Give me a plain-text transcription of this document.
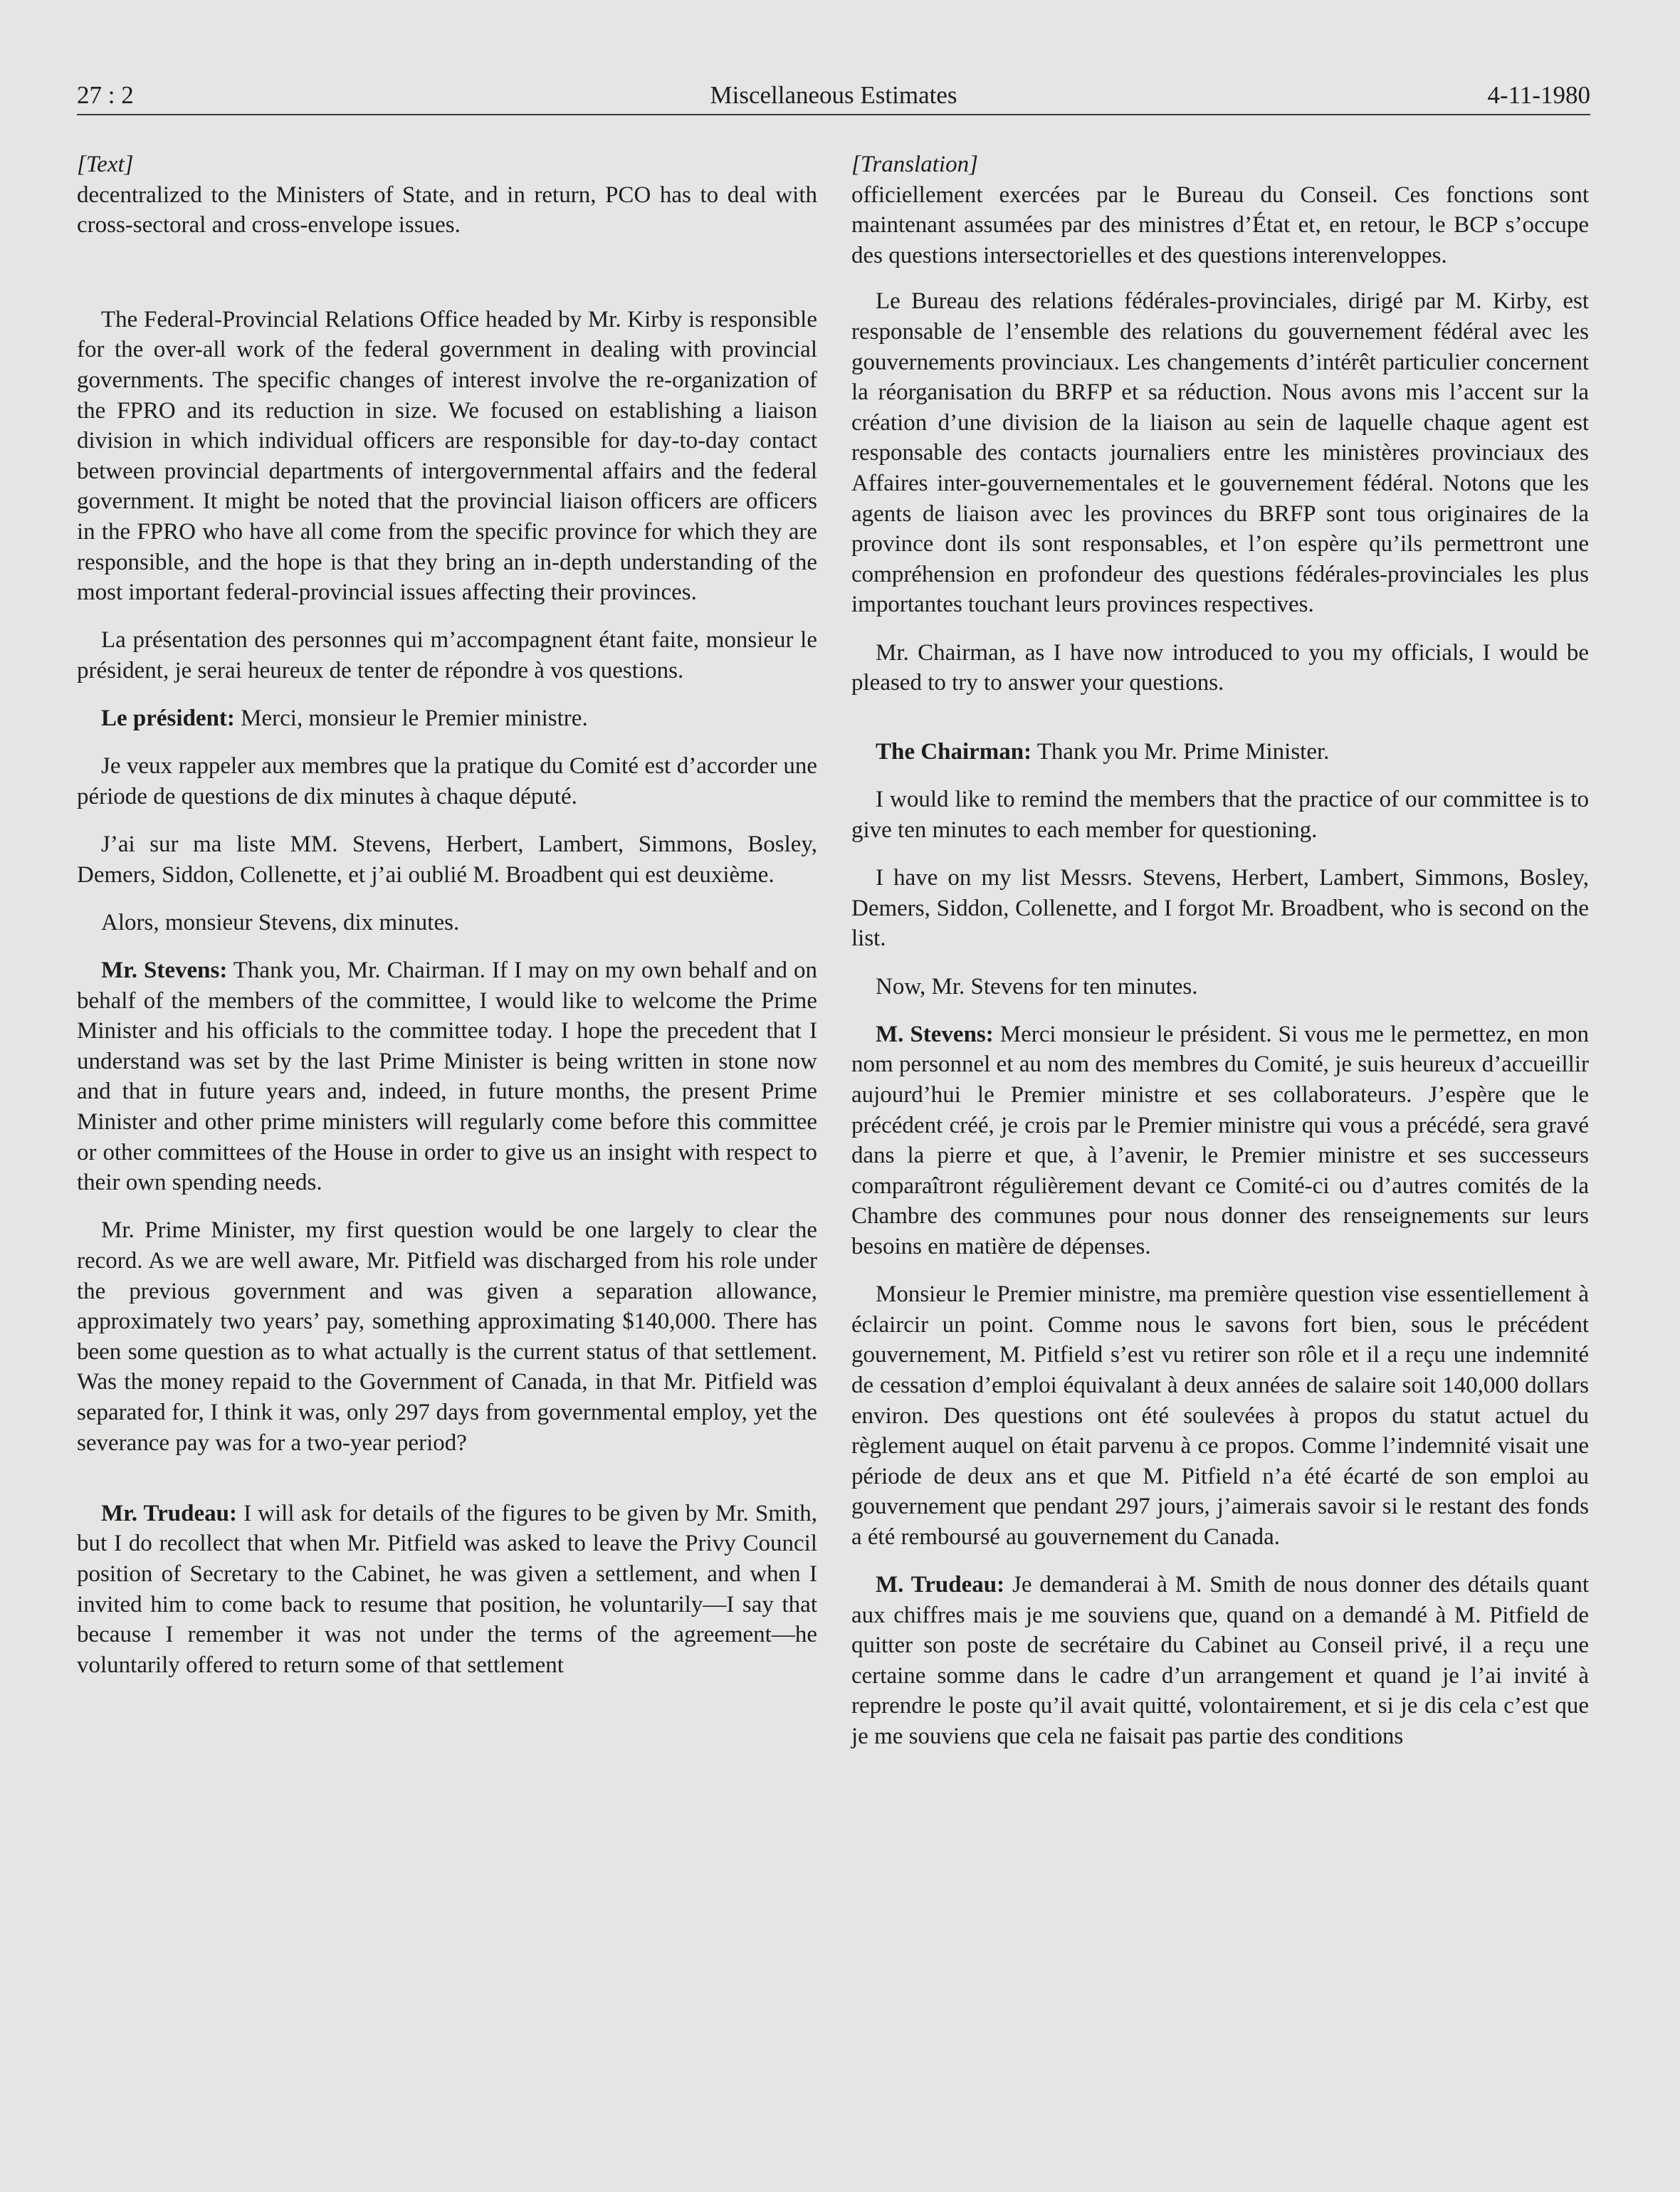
27 : 2	Miscellaneous Estimates	4-11-1980

[Text]

decentralized to the Ministers of State, and in return, PCO has to deal with cross-sectoral and cross-envelope issues.

The Federal-Provincial Relations Office headed by Mr. Kirby is responsible for the over-all work of the federal government in dealing with provincial governments. The specific changes of interest involve the re-organization of the FPRO and its reduction in size. We focused on establishing a liaison division in which individual officers are responsible for day-to-day contact between provincial departments of intergovernmental affairs and the federal government. It might be noted that the provincial liaison officers are officers in the FPRO who have all come from the specific province for which they are responsible, and the hope is that they bring an in-depth understanding of the most important federal-provincial issues affecting their provinces.

La présentation des personnes qui m’accompagnent étant faite, monsieur le président, je serai heureux de tenter de répondre à vos questions.

Le président: Merci, monsieur le Premier ministre.

Je veux rappeler aux membres que la pratique du Comité est d’accorder une période de questions de dix minutes à chaque député.

J’ai sur ma liste MM. Stevens, Herbert, Lambert, Simmons, Bosley, Demers, Siddon, Collenette, et j’ai oublié M. Broadbent qui est deuxième.

Alors, monsieur Stevens, dix minutes.

Mr. Stevens: Thank you, Mr. Chairman. If I may on my own behalf and on behalf of the members of the committee, I would like to welcome the Prime Minister and his officials to the committee today. I hope the precedent that I understand was set by the last Prime Minister is being written in stone now and that in future years and, indeed, in future months, the present Prime Minister and other prime ministers will regularly come before this committee or other committees of the House in order to give us an insight with respect to their own spending needs.

Mr. Prime Minister, my first question would be one largely to clear the record. As we are well aware, Mr. Pitfield was discharged from his role under the previous government and was given a separation allowance, approximately two years’ pay, something approximating $140,000. There has been some question as to what actually is the current status of that settlement. Was the money repaid to the Government of Canada, in that Mr. Pitfield was separated for, I think it was, only 297 days from governmental employ, yet the severance pay was for a two-year period?

Mr. Trudeau: I will ask for details of the figures to be given by Mr. Smith, but I do recollect that when Mr. Pitfield was asked to leave the Privy Council position of Secretary to the Cabinet, he was given a settlement, and when I invited him to come back to resume that position, he voluntarily—I say that because I remember it was not under the terms of the agreement—he voluntarily offered to return some of that settlement

[Translation]

officiellement exercées par le Bureau du Conseil. Ces fonctions sont maintenant assumées par des ministres d’État et, en retour, le BCP s’occupe des questions intersectorielles et des questions interenveloppes.

Le Bureau des relations fédérales-provinciales, dirigé par M. Kirby, est responsable de l’ensemble des relations du gouvernement fédéral avec les gouvernements provinciaux. Les changements d’intérêt particulier concernent la réorganisation du BRFP et sa réduction. Nous avons mis l’accent sur la création d’une division de la liaison au sein de laquelle chaque agent est responsable des contacts journaliers entre les ministères provinciaux des Affaires inter-gouvernementales et le gouvernement fédéral. Notons que les agents de liaison avec les provinces du BRFP sont tous originaires de la province dont ils sont responsables, et l’on espère qu’ils permettront une compréhension en profondeur des questions fédérales-provinciales les plus importantes touchant leurs provinces respectives.

Mr. Chairman, as I have now introduced to you my officials, I would be pleased to try to answer your questions.

The Chairman: Thank you Mr. Prime Minister.

I would like to remind the members that the practice of our committee is to give ten minutes to each member for questioning.

I have on my list Messrs. Stevens, Herbert, Lambert, Simmons, Bosley, Demers, Siddon, Collenette, and I forgot Mr. Broadbent, who is second on the list.

Now, Mr. Stevens for ten minutes.

M. Stevens: Merci monsieur le président. Si vous me le permettez, en mon nom personnel et au nom des membres du Comité, je suis heureux d’accueillir aujourd’hui le Premier ministre et ses collaborateurs. J’espère que le précédent créé, je crois par le Premier ministre qui vous a précédé, sera gravé dans la pierre et que, à l’avenir, le Premier ministre et ses successeurs comparaîtront régulièrement devant ce Comité-ci ou d’autres comités de la Chambre des communes pour nous donner des renseignements sur leurs besoins en matière de dépenses.

Monsieur le Premier ministre, ma première question vise essentiellement à éclaircir un point. Comme nous le savons fort bien, sous le précédent gouvernement, M. Pitfield s’est vu retirer son rôle et il a reçu une indemnité de cessation d’emploi équivalant à deux années de salaire soit 140,000 dollars environ. Des questions ont été soulevées à propos du statut actuel du règlement auquel on était parvenu à ce propos. Comme l’indemnité visait une période de deux ans et que M. Pitfield n’a été écarté de son emploi au gouvernement que pendant 297 jours, j’aimerais savoir si le restant des fonds a été remboursé au gouvernement du Canada.

M. Trudeau: Je demanderai à M. Smith de nous donner des détails quant aux chiffres mais je me souviens que, quand on a demandé à M. Pitfield de quitter son poste de secrétaire du Cabinet au Conseil privé, il a reçu une certaine somme dans le cadre d’un arrangement et quand je l’ai invité à reprendre le poste qu’il avait quitté, volontairement, et si je dis cela c’est que je me souviens que cela ne faisait pas partie des conditions
